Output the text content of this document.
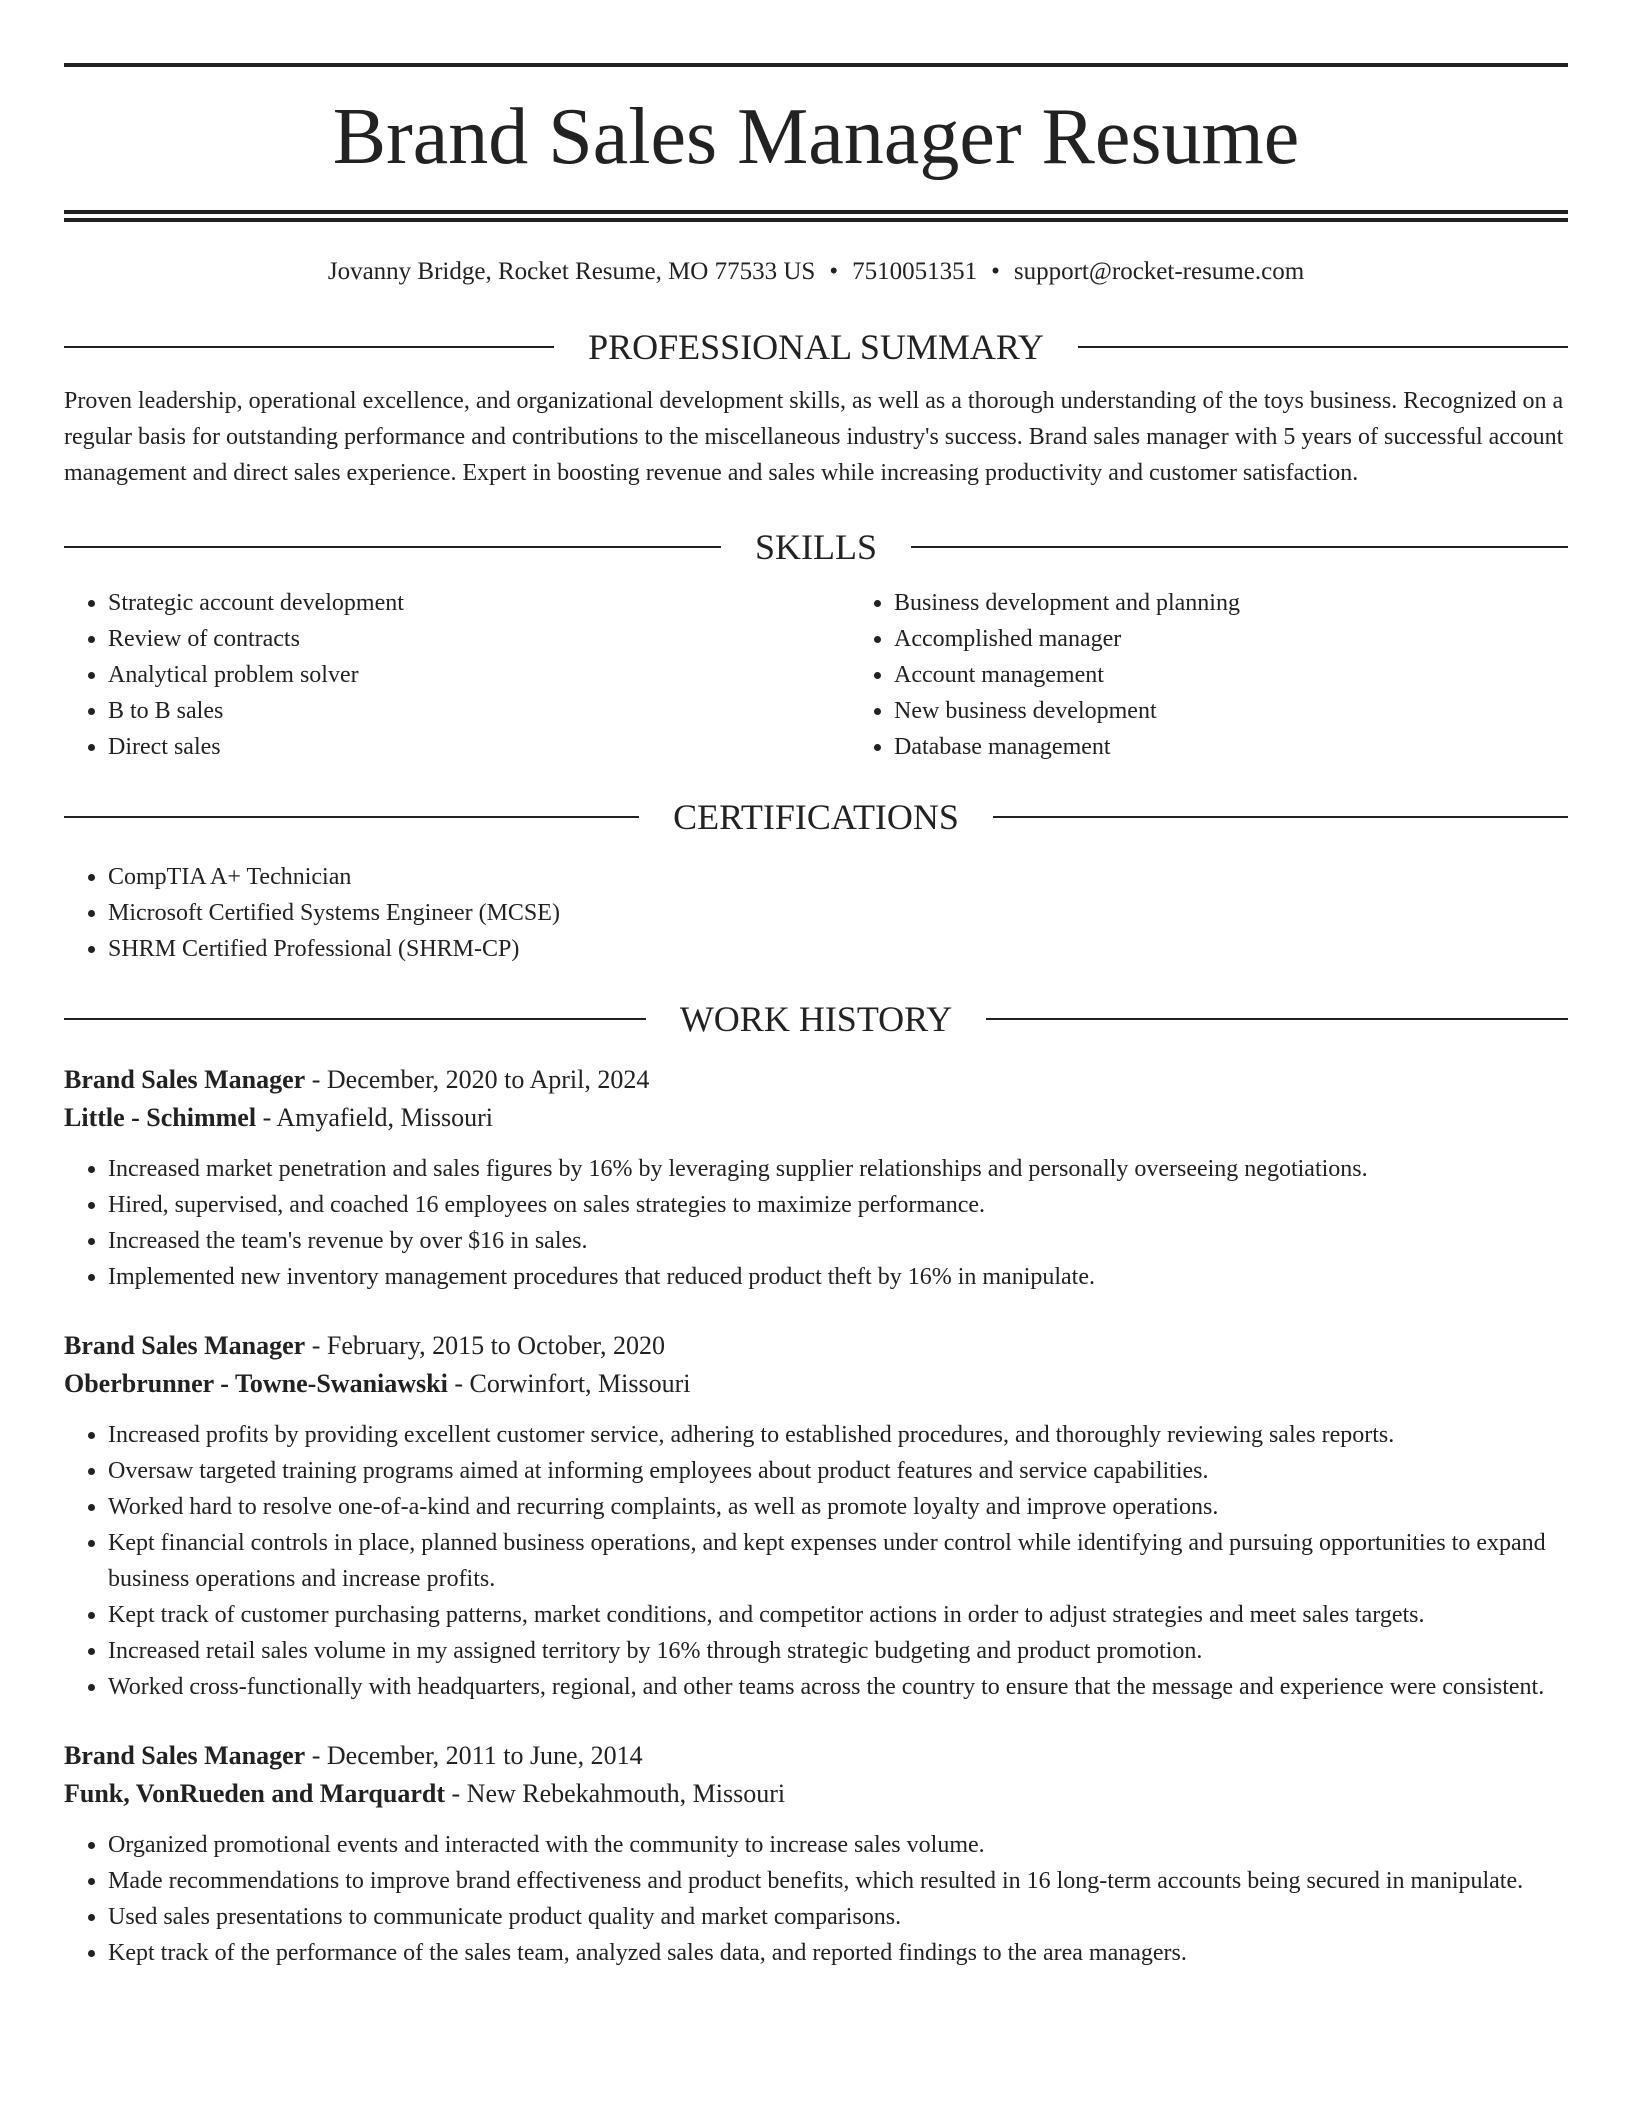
Brand Sales Manager Resume
Jovanny Bridge, Rocket Resume, MO 77533 US • 7510051351 • support@rocket-resume.com
PROFESSIONAL SUMMARY

Proven leadership, operational excellence, and organizational development skills, as well as a thorough understanding of the toys business. Recognized on a regular basis for outstanding performance and contributions to the miscellaneous industry's success. Brand sales manager with 5 years of successful account management and direct sales experience. Expert in boosting revenue and sales while increasing productivity and customer satisfaction.

SKILLS
• Strategic account development
• Review of contracts
• Analytical problem solver
• B to B sales
• Direct sales
• Business development and planning
• Accomplished manager
• Account management
• New business development
• Database management
CERTIFICATIONS
• CompTIA A+ Technician
• Microsoft Certified Systems Engineer (MCSE)
• SHRM Certified Professional (SHRM-CP)
WORK HISTORY
Brand Sales Manager - December, 2020 to April, 2024
Little - Schimmel - Amyafield, Missouri
• Increased market penetration and sales figures by 16% by leveraging supplier relationships and personally overseeing negotiations.
• Hired, supervised, and coached 16 employees on sales strategies to maximize performance.
• Increased the team's revenue by over $16 in sales.
• Implemented new inventory management procedures that reduced product theft by 16% in manipulate.
Brand Sales Manager - February, 2015 to October, 2020
Oberbrunner - Towne-Swaniawski - Corwinfort, Missouri
• Increased profits by providing excellent customer service, adhering to established procedures, and thoroughly reviewing sales reports.
• Oversaw targeted training programs aimed at informing employees about product features and service capabilities.
• Worked hard to resolve one-of-a-kind and recurring complaints, as well as promote loyalty and improve operations.
• Kept financial controls in place, planned business operations, and kept expenses under control while identifying and pursuing opportunities to expand business operations and increase profits.
• Kept track of customer purchasing patterns, market conditions, and competitor actions in order to adjust strategies and meet sales targets.
• Increased retail sales volume in my assigned territory by 16% through strategic budgeting and product promotion.
• Worked cross-functionally with headquarters, regional, and other teams across the country to ensure that the message and experience were consistent.
Brand Sales Manager - December, 2011 to June, 2014
Funk, VonRueden and Marquardt - New Rebekahmouth, Missouri
• Organized promotional events and interacted with the community to increase sales volume.
• Made recommendations to improve brand effectiveness and product benefits, which resulted in 16 long-term accounts being secured in manipulate.
• Used sales presentations to communicate product quality and market comparisons.
• Kept track of the performance of the sales team, analyzed sales data, and reported findings to the area managers.
